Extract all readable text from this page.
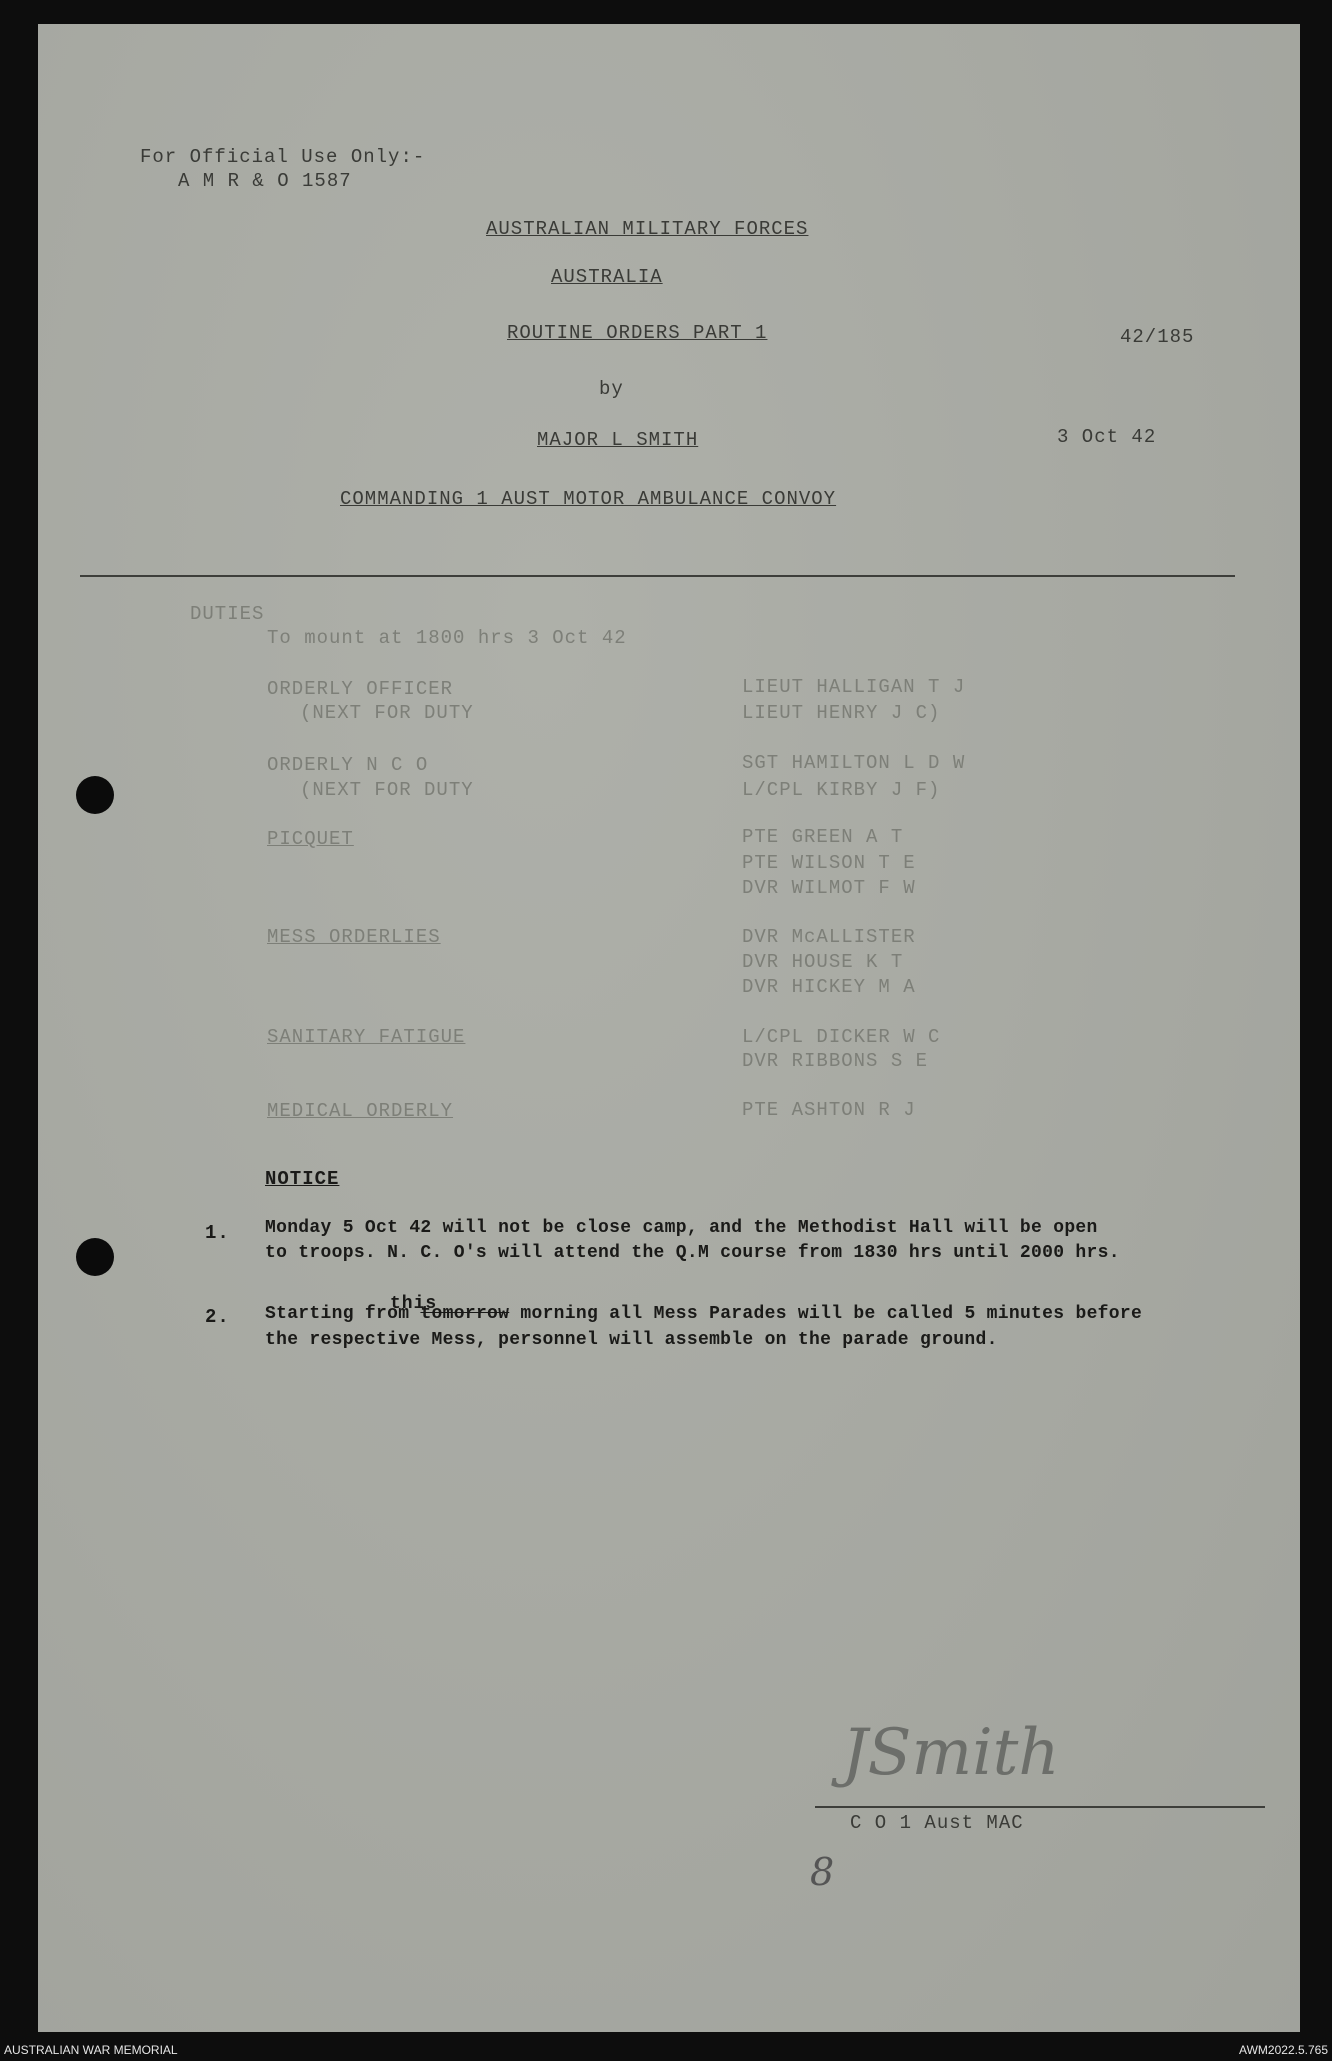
For Official Use Only:-
A M R & O 1587
AUSTRALIAN MILITARY FORCES
AUSTRALIA
ROUTINE ORDERS PART 1	42/185
by
MAJOR L SMITH	3 Oct 42
COMMANDING 1 AUST MOTOR AMBULANCE CONVOY
DUTIES
To mount at 1800 hrs 3 Oct 42
ORDERLY OFFICER	LIEUT HALLIGAN T J
(NEXT FOR DUTY	LIEUT HENRY J C)
ORDERLY N C O	SGT HAMILTON L D W
(NEXT FOR DUTY	L/CPL KIRBY J F)
PICQUET	PTE GREEN A T
PTE WILSON T E
DVR WILMOT F W
MESS ORDERLIES	DVR McALLISTER
DVR HOUSE K T
DVR HICKEY M A
SANITARY FATIGUE	L/CPL DICKER W C
DVR RIBBONS S E
MEDICAL ORDERLY	PTE ASHTON R J
NOTICE
1. Monday 5 Oct 42 will not be close camp, and the Methodist Hall will be open
to troops. N. C. O's will attend the Q.M course from 1830 hrs until 2000 hrs.
this
2. Starting from tomorrow morning all Mess Parades will be called 5 minutes before
the respective Mess, personnel will assemble on the parade ground.
JSmith
C O 1 Aust MAC
8
AUSTRALIAN WAR MEMORIAL	AWM2022.5.765
